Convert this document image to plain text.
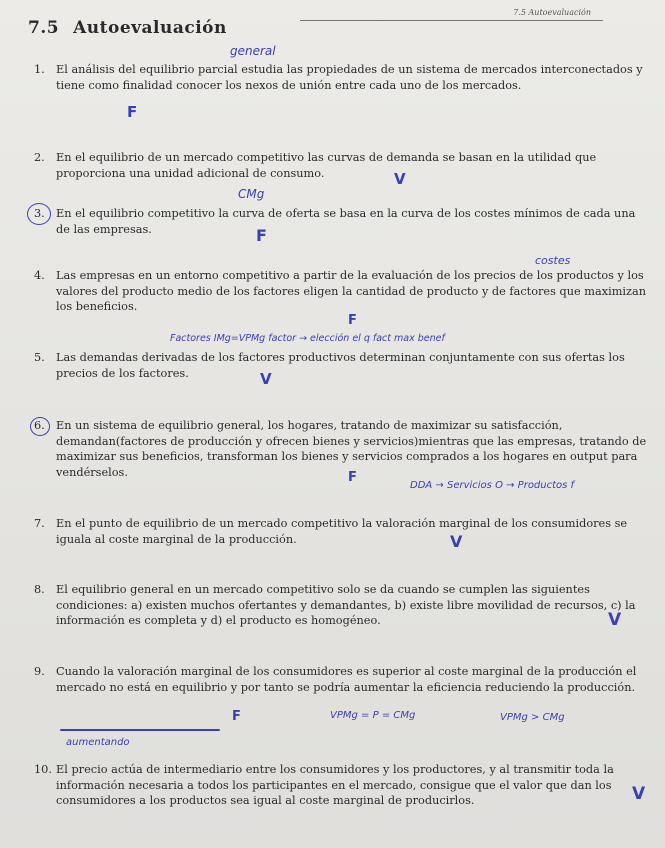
7.5 Autoevaluación
7.5 Autoevaluación
1. El análisis del equilibrio parcial estudia las propiedades de un sistema de mercados interconectados y tiene como finalidad conocer los nexos de unión entre cada uno de los mercados.
general
F
2. En el equilibrio de un mercado competitivo las curvas de demanda se basan en la utilidad que proporciona una unidad adicional de consumo.	V
CMg
3. En el equilibrio competitivo la curva de oferta se basa en la curva de los costes mínimos de cada una de las empresas.	F
costes
4. Las empresas en un entorno competitivo a partir de la evaluación de los precios de los productos y los valores del producto medio de los factores eligen la cantidad de producto y de factores que maximizan los beneficios.
F
Factores IMg=VPMg factor → elección el q fact max benef
5. Las demandas derivadas de los factores productivos determinan conjuntamente con sus ofertas los precios de los factores.	V
6. En un sistema de equilibrio general, los hogares, tratando de maximizar su satisfacción, demandan(factores de producción y ofrecen bienes y servicios)mientras que las empresas, tratando de maximizar sus beneficios, transforman los bienes y servicios comprados a los hogares en output para vendérselos.	F
DDA → Servicios O → Productos f
7. En el punto de equilibrio de un mercado competitivo la valoración marginal de los consumidores se iguala al coste marginal de la producción.	V
8. El equilibrio general en un mercado competitivo solo se da cuando se cumplen las siguientes condiciones: a) existen muchos ofertantes y demandantes, b) existe libre movilidad de recursos, c) la información es completa y d) el producto es homogéneo.	V
9. Cuando la valoración marginal de los consumidores es superior al coste marginal de la producción el mercado no está en equilibrio y por tanto se podría aumentar la eficiencia reduciendo la producción.
F	VPMg = P = CMg	VPMg > CMg
aumentando
10. El precio actúa de intermediario entre los consumidores y los productores, y al transmitir toda la información necesaria a todos los participantes en el mercado, consigue que el valor que dan los consumidores a los productos sea igual al coste marginal de producirlos.	V
